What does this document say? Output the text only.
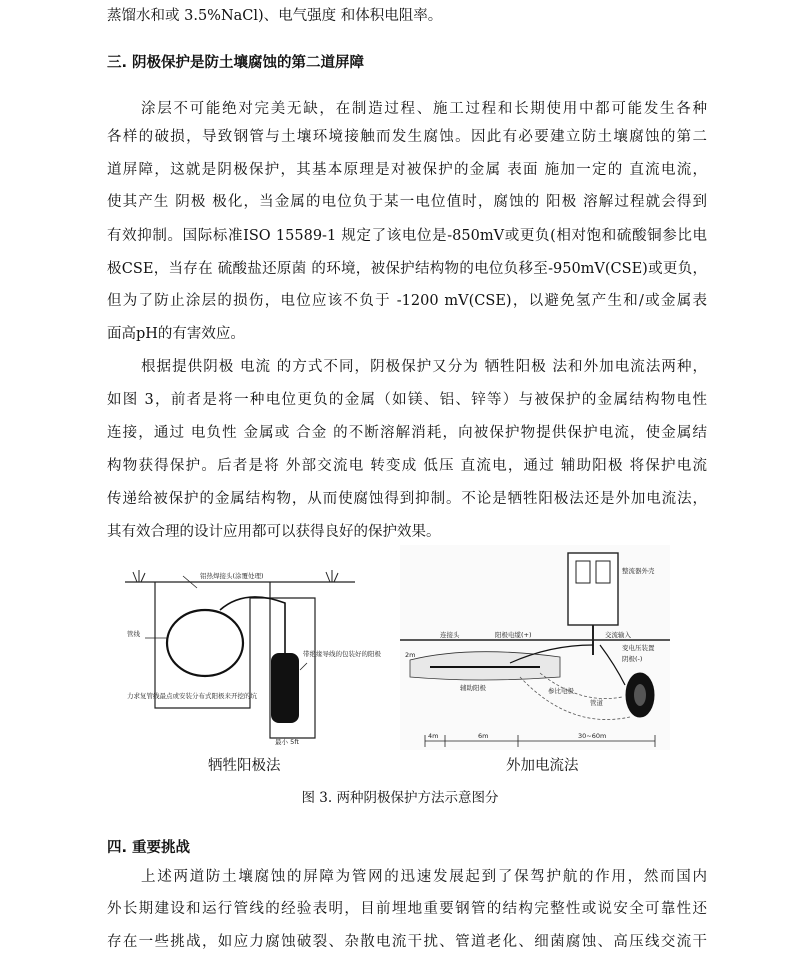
蒸馏水和或 3.5%NaCl)、电气强度 和体积电阻率。
三. 阴极保护是防土壤腐蚀的第二道屏障
涂层不可能绝对完美无缺，在制造过程、施工过程和长期使用中都可能发生各种
各样的破损，导致钢管与土壤环境接触而发生腐蚀。因此有必要建立防土壤腐蚀的第二
道屏障，这就是阴极保护，其基本原理是对被保护的金属 表面 施加一定的 直流电流，
使其产生 阴极 极化，当金属的电位负于某一电位值时，腐蚀的 阳极 溶解过程就会得到
有效抑制。国际标准ISO 15589-1 规定了该电位是-850mV或更负(相对饱和硫酸铜参比电
极CSE，当存在 硫酸盐还原菌 的环境，被保护结构物的电位负移至-950mV(CSE)或更负，
但为了防止涂层的损伤，电位应该不负于 -1200 mV(CSE)，以避免氢产生和/或金属表
面高pH的有害效应。
根据提供阴极 电流 的方式不同，阴极保护又分为 牺牲阳极 法和外加电流法两种，
如图 3，前者是将一种电位更负的金属（如镁、铝、锌等）与被保护的金属结构物电性
连接，通过 电负性 金属或 合金 的不断溶解消耗，向被保护物提供保护电流，使金属结
构物获得保护。后者是将 外部交流电 转变成 低压 直流电，通过 辅助阳极 将保护电流
传递给被保护的金属结构物，从而使腐蚀得到抑制。不论是牺牲阳极法还是外加电流法，
其有效合理的设计应用都可以获得良好的保护效果。
铝热焊接头(涂覆处理)
管线
带绝缘导线的包装好的阳极
力求复管线最点或安装分布式阳极来开挖的坑
最小 5ft
4m	6m	30~60m
2m
整流器外壳
阳极电缆(+)
连接头	交流输入
变电压装置
阴极(-)
参比电极
管道
辅助阳极
牺牲阳极法	外加电流法
图 3. 两种阴极保护方法示意图分
四. 重要挑战
上述两道防土壤腐蚀的屏障为管网的迅速发展起到了保驾护航的作用，然而国内
外长期建设和运行管线的经验表明，目前埋地重要钢管的结构完整性或说安全可靠性还
存在一些挑战，如应力腐蚀破裂、杂散电流干扰、管道老化、细菌腐蚀、高压线交流干
